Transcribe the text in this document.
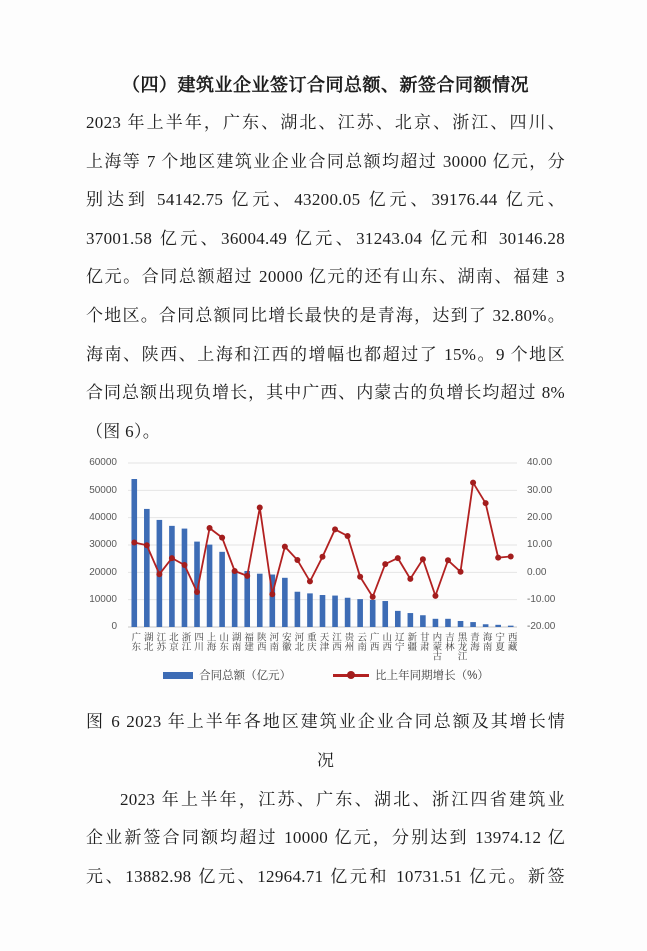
（四）建筑业企业签订合同总额、新签合同额情况
2023 年上半年，广东、湖北、江苏、北京、浙江、四川、
上海等 7 个地区建筑业企业合同总额均超过 30000 亿元，分
别达到 54142.75 亿元、43200.05 亿元、39176.44 亿元、
37001.58 亿元、36004.49 亿元、31243.04 亿元和 30146.28
亿元。合同总额超过 20000 亿元的还有山东、湖南、福建 3
个地区。合同总额同比增长最快的是青海，达到了 32.80%。
海南、陕西、上海和江西的增幅也都超过了 15%。9 个地区
合同总额出现负增长，其中广西、内蒙古的负增长均超过 8%
（图 6）。
60000
50000
40000
30000
20000
10000
0
40.00
30.00
20.00
10.00
0.00
-10.00
-20.00
广东 湖北 江苏 北京 浙江 四川 上海 山东 湖南 福建 陕西 河南 安徽 河北 重庆 天津 江西 贵州 云南 广西 山西 辽宁 新疆 甘肃 内蒙古 吉林 黑龙江 青海 海南 宁夏 西藏
合同总额（亿元）	比上年同期增长（%）
图 6 2023 年上半年各地区建筑业企业合同总额及其增长情
况
2023 年上半年，江苏、广东、湖北、浙江四省建筑业
企业新签合同额均超过 10000 亿元，分别达到 13974.12 亿
元、13882.98 亿元、12964.71 亿元和 10731.51 亿元。新签
